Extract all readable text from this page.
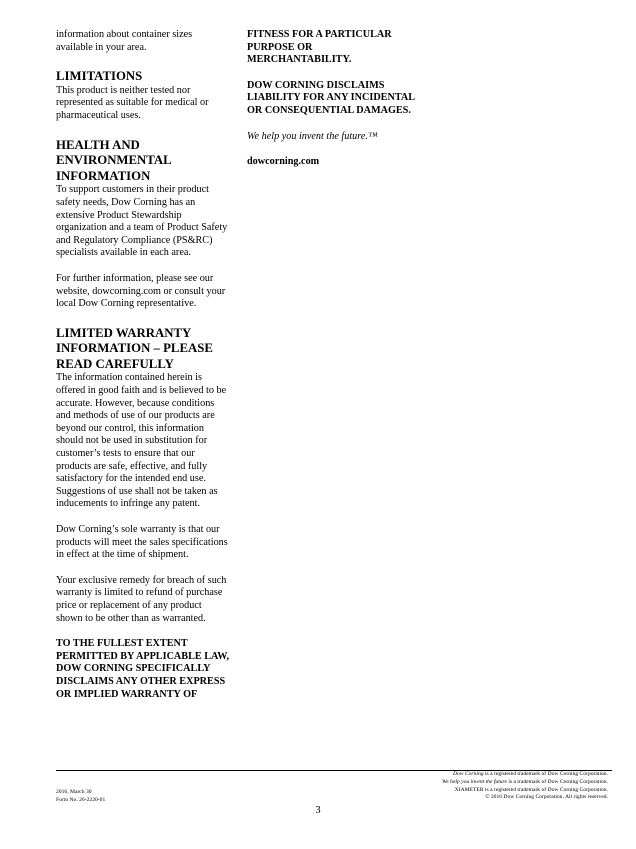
information about container sizes available in your area.

LIMITATIONS

This product is neither tested nor represented as suitable for medical or pharmaceutical uses.

HEALTH AND ENVIRONMENTAL INFORMATION

To support customers in their product safety needs, Dow Corning has an extensive Product Stewardship organization and a team of Product Safety and Regulatory Compliance (PS&RC) specialists available in each area.

For further information, please see our website, dowcorning.com or consult your local Dow Corning representative.

LIMITED WARRANTY INFORMATION – PLEASE READ CAREFULLY

The information contained herein is offered in good faith and is believed to be accurate. However, because conditions and methods of use of our products are beyond our control, this information should not be used in substitution for customer’s tests to ensure that our products are safe, effective, and fully satisfactory for the intended end use. Suggestions of use shall not be taken as inducements to infringe any patent.

Dow Corning’s sole warranty is that our products will meet the sales specifications in effect at the time of shipment.

Your exclusive remedy for breach of such warranty is limited to refund of purchase price or replacement of any product shown to be other than as warranted.

TO THE FULLEST EXTENT PERMITTED BY APPLICABLE LAW, DOW CORNING SPECIFICALLY DISCLAIMS ANY OTHER EXPRESS OR IMPLIED WARRANTY OF

FITNESS FOR A PARTICULAR PURPOSE OR MERCHANTABILITY.

DOW CORNING DISCLAIMS LIABILITY FOR ANY INCIDENTAL OR CONSEQUENTIAL DAMAGES.

We help you invent the future.™

dowcorning.com

2016, March 30
Form No. 26-2220-01
Dow Corning is a registered trademark of Dow Corning Corporation.
We help you invent the future is a trademark of Dow Corning Corporation.
XIAMETER is a registered trademark of Dow Corning Corporation.
© 2016 Dow Corning Corporation. All rights reserved.
3
